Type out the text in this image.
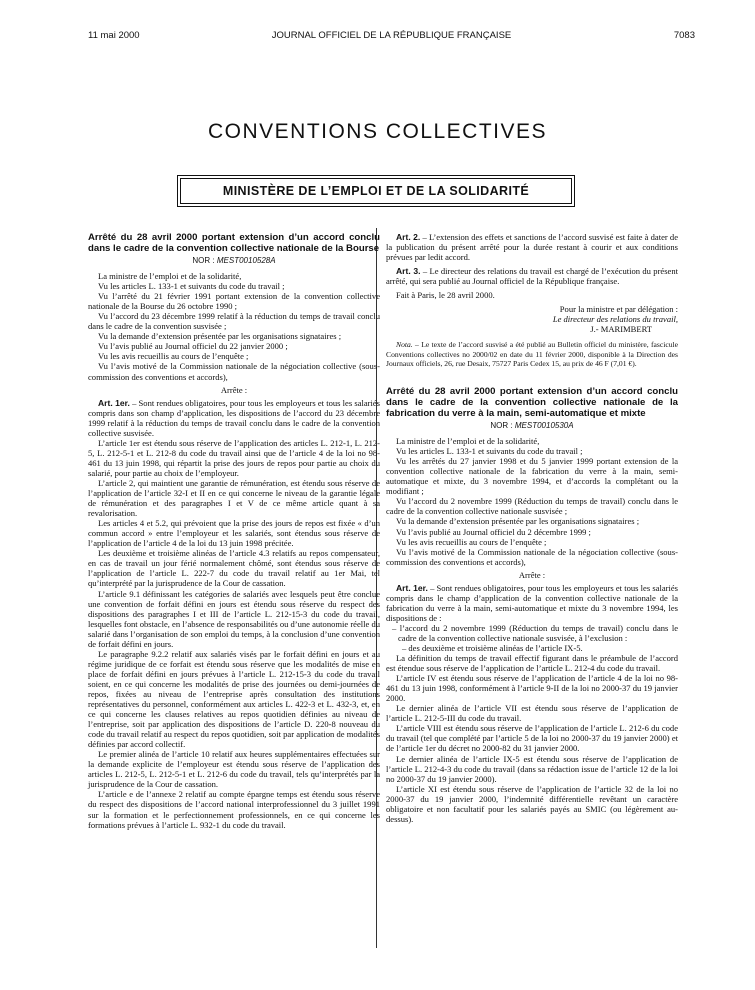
11 mai 2000	JOURNAL OFFICIEL DE LA RÉPUBLIQUE FRANÇAISE	7083
CONVENTIONS COLLECTIVES
MINISTÈRE DE L’EMPLOI ET DE LA SOLIDARITÉ
Arrêté du 28 avril 2000 portant extension d’un accord conclu dans le cadre de la convention collective nationale de la Bourse
NOR : MEST0010528A

La ministre de l’emploi et de la solidarité,

Vu les articles L. 133-1 et suivants du code du travail ;

Vu l’arrêté du 21 février 1991 portant extension de la convention collective nationale de la Bourse du 26 octobre 1990 ;

Vu l’accord du 23 décembre 1999 relatif à la réduction du temps de travail conclu dans le cadre de la convention susvisée ;

Vu la demande d’extension présentée par les organisations signataires ;

Vu l’avis publié au Journal officiel du 22 janvier 2000 ;

Vu les avis recueillis au cours de l’enquête ;

Vu l’avis motivé de la Commission nationale de la négociation collective (sous-commission des conventions et accords),

Arrête :

Art. 1er. – Sont rendues obligatoires, pour tous les employeurs et tous les salariés compris dans son champ d’application, les dispositions de l’accord du 23 décembre 1999 relatif à la réduction du temps de travail conclu dans le cadre de la convention collective susvisée.

L’article 1er est étendu sous réserve de l’application des articles L. 212-1, L. 212-5, L. 212-5-1 et L. 212-8 du code du travail ainsi que de l’article 4 de la loi no 98-461 du 13 juin 1998, qui répartit la prise des jours de repos pour partie au choix du salarié, pour partie au choix de l’employeur.

L’article 2, qui maintient une garantie de rémunération, est étendu sous réserve de l’application de l’article 32-I et II en ce qui concerne le niveau de la garantie légale de rémunération et des paragraphes I et V de ce même article quant à sa revalorisation.

Les articles 4 et 5.2, qui prévoient que la prise des jours de repos est fixée « d’un commun accord » entre l’employeur et les salariés, sont étendus sous réserve de l’application de l’article 4 de la loi du 13 juin 1998 précitée.

Les deuxième et troisième alinéas de l’article 4.3 relatifs au repos compensateur, en cas de travail un jour férié normalement chômé, sont étendus sous réserve de l’application de l’article L. 222-7 du code du travail relatif au 1er Mai, tel qu’interprété par la jurisprudence de la Cour de cassation.

L’article 9.1 définissant les catégories de salariés avec lesquels peut être conclue une convention de forfait défini en jours est étendu sous réserve du respect des dispositions des paragraphes I et III de l’article L. 212-15-3 du code du travail, lesquelles font obstacle, en l’absence de responsabilités ou d’une autonomie réelle du salarié dans l’organisation de son emploi du temps, à la conclusion d’une convention de forfait défini en jours.

Le paragraphe 9.2.2 relatif aux salariés visés par le forfait défini en jours et au régime juridique de ce forfait est étendu sous réserve que les modalités de mise en place de forfait défini en jours prévues à l’article L. 212-15-3 du code du travail soient, en ce qui concerne les modalités de prise des journées ou demi-journées de repos, fixées au niveau de l’entreprise après consultation des institutions représentatives du personnel, conformément aux articles L. 422-3 et L. 432-3, et, en ce qui concerne les clauses relatives au repos quotidien définies au niveau de l’entreprise, soit par application des dispositions de l’article D. 220-8 nouveau du code du travail relatif au respect du repos quotidien, soit par application de modalités définies par accord collectif.

Le premier alinéa de l’article 10 relatif aux heures supplémentaires effectuées sur la demande explicite de l’employeur est étendu sous réserve de l’application des articles L. 212-5, L. 212-5-1 et L. 212-6 du code du travail, tels qu’interprétés par la jurisprudence de la Cour de cassation.

L’article e de l’annexe 2 relatif au compte épargne temps est étendu sous réserve du respect des dispositions de l’accord national interprofessionnel du 3 juillet 1991 sur la formation et le perfectionnement professionnels, en ce qui concerne les formations prévues à l’article L. 932-1 du code du travail.

Art. 2. – L’extension des effets et sanctions de l’accord susvisé est faite à dater de la publication du présent arrêté pour la durée restant à courir et aux conditions prévues par ledit accord.

Art. 3. – Le directeur des relations du travail est chargé de l’exécution du présent arrêté, qui sera publié au Journal officiel de la République française.

Fait à Paris, le 28 avril 2000.

Pour la ministre et par délégation :

Le directeur des relations du travail,

J.- MARIMBERT

Nota. – Le texte de l’accord susvisé a été publié au Bulletin officiel du ministère, fascicule Conventions collectives no 2000/02 en date du 11 février 2000, disponible à la Direction des Journaux officiels, 26, rue Desaix, 75727 Paris Cedex 15, au prix de 46 F (7,01 €).

Arrêté du 28 avril 2000 portant extension d’un accord conclu dans le cadre de la convention collective nationale de la fabrication du verre à la main, semi-automatique et mixte
NOR : MEST0010530A

La ministre de l’emploi et de la solidarité,

Vu les articles L. 133-1 et suivants du code du travail ;

Vu les arrêtés du 27 janvier 1998 et du 5 janvier 1999 portant extension de la convention collective nationale de la fabrication du verre à la main, semi-automatique et mixte, du 3 novembre 1994, et d’accords la complétant ou la modifiant ;

Vu l’accord du 2 novembre 1999 (Réduction du temps de travail) conclu dans le cadre de la convention collective nationale susvisée ;

Vu la demande d’extension présentée par les organisations signataires ;

Vu l’avis publié au Journal officiel du 2 décembre 1999 ;

Vu les avis recueillis au cours de l’enquête ;

Vu l’avis motivé de la Commission nationale de la négociation collective (sous-commission des conventions et accords),

Arrête :

Art. 1er. – Sont rendues obligatoires, pour tous les employeurs et tous les salariés compris dans le champ d’application de la convention collective nationale de la fabrication du verre à la main, semi-automatique et mixte du 3 novembre 1994, les dispositions de :

– l’accord du 2 novembre 1999 (Réduction du temps de travail) conclu dans le cadre de la convention collective nationale susvisée, à l’exclusion :

– des deuxième et troisième alinéas de l’article IX-5.

La définition du temps de travail effectif figurant dans le préambule de l’accord est étendue sous réserve de l’application de l’article L. 212-4 du code du travail.

L’article IV est étendu sous réserve de l’application de l’article 4 de la loi no 98-461 du 13 juin 1998, conformément à l’article 9-II de la loi no 2000-37 du 19 janvier 2000.

Le dernier alinéa de l’article VII est étendu sous réserve de l’application de l’article L. 212-5-III du code du travail.

L’article VIII est étendu sous réserve de l’application de l’article L. 212-6 du code du travail (tel que complété par l’article 5 de la loi no 2000-37 du 19 janvier 2000) et de l’article 1er du décret no 2000-82 du 31 janvier 2000.

Le dernier alinéa de l’article IX-5 est étendu sous réserve de l’application de l’article L. 212-4-3 du code du travail (dans sa rédaction issue de l’article 12 de la loi no 2000-37 du 19 janvier 2000).

L’article XI est étendu sous réserve de l’application de l’article 32 de la loi no 2000-37 du 19 janvier 2000, l’indemnité différentielle revêtant un caractère obligatoire et non facultatif pour les salariés payés au SMIC (ou légèrement au-dessus).
